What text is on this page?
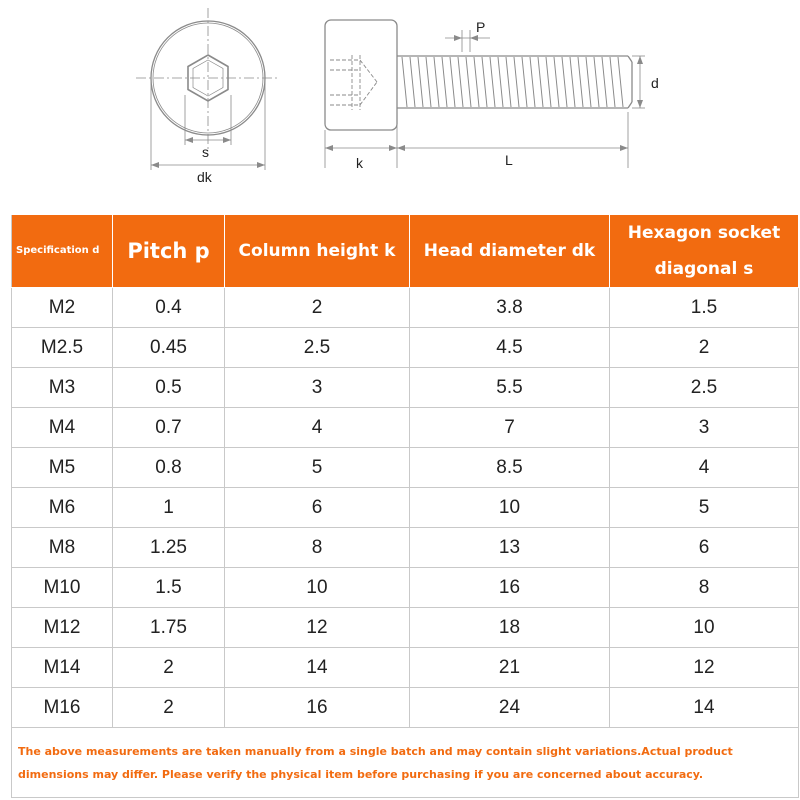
s
dk
P
d
k	L
Specification d	Pitch p	Column height k	Head diameter dk	Hexagon socket diagonal s
M2	0.4	2	3.8	1.5
M2.5	0.45	2.5	4.5	2
M3	0.5	3	5.5	2.5
M4	0.7	4	7	3
M5	0.8	5	8.5	4
M6	1	6	10	5
M8	1.25	8	13	6
M10	1.5	10	16	8
M12	1.75	12	18	10
M14	2	14	21	12
M16	2	16	24	14
The above measurements are taken manually from a single batch and may contain slight variations.Actual product dimensions may differ. Please verify the physical item before purchasing if you are concerned about accuracy.				
